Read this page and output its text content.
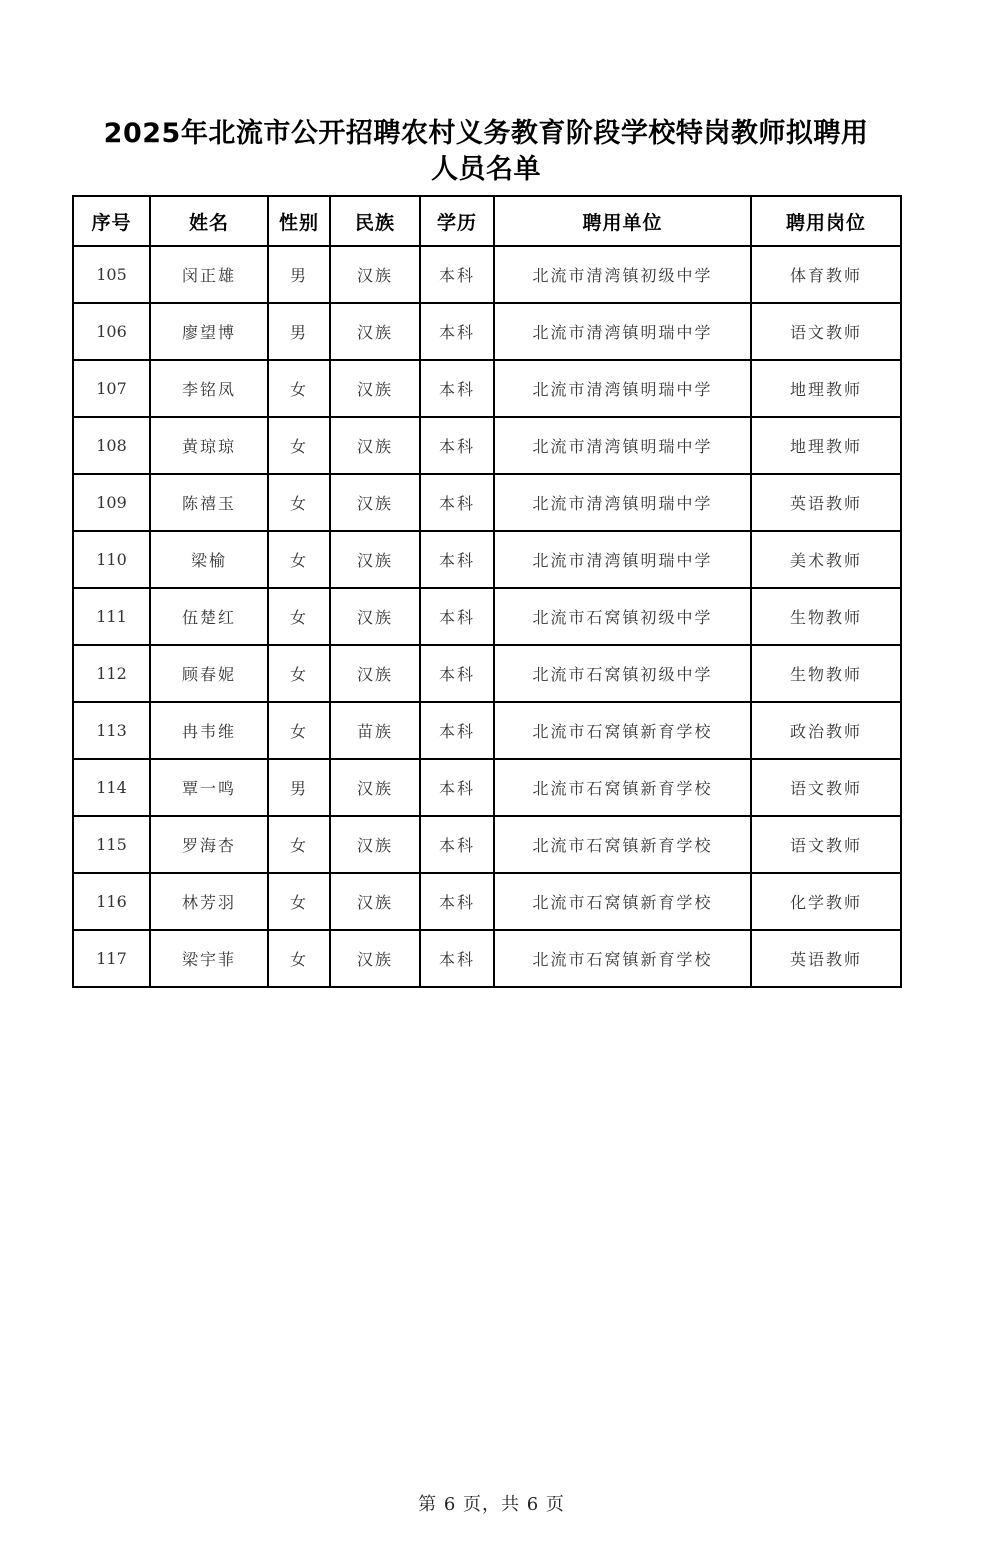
2025年北流市公开招聘农村义务教育阶段学校特岗教师拟聘用
人员名单
序号	姓名	性别	民族	学历	聘用单位	聘用岗位
105	闵正雄	男	汉族	本科	北流市清湾镇初级中学	体育教师
106	廖望博	男	汉族	本科	北流市清湾镇明瑞中学	语文教师
107	李铭凤	女	汉族	本科	北流市清湾镇明瑞中学	地理教师
108	黄琼琼	女	汉族	本科	北流市清湾镇明瑞中学	地理教师
109	陈禧玉	女	汉族	本科	北流市清湾镇明瑞中学	英语教师
110	梁榆	女	汉族	本科	北流市清湾镇明瑞中学	美术教师
111	伍楚红	女	汉族	本科	北流市石窝镇初级中学	生物教师
112	顾春妮	女	汉族	本科	北流市石窝镇初级中学	生物教师
113	冉韦维	女	苗族	本科	北流市石窝镇新育学校	政治教师
114	覃一鸣	男	汉族	本科	北流市石窝镇新育学校	语文教师
115	罗海杏	女	汉族	本科	北流市石窝镇新育学校	语文教师
116	林芳羽	女	汉族	本科	北流市石窝镇新育学校	化学教师
117	梁宇菲	女	汉族	本科	北流市石窝镇新育学校	英语教师
第 6 页，共 6 页
